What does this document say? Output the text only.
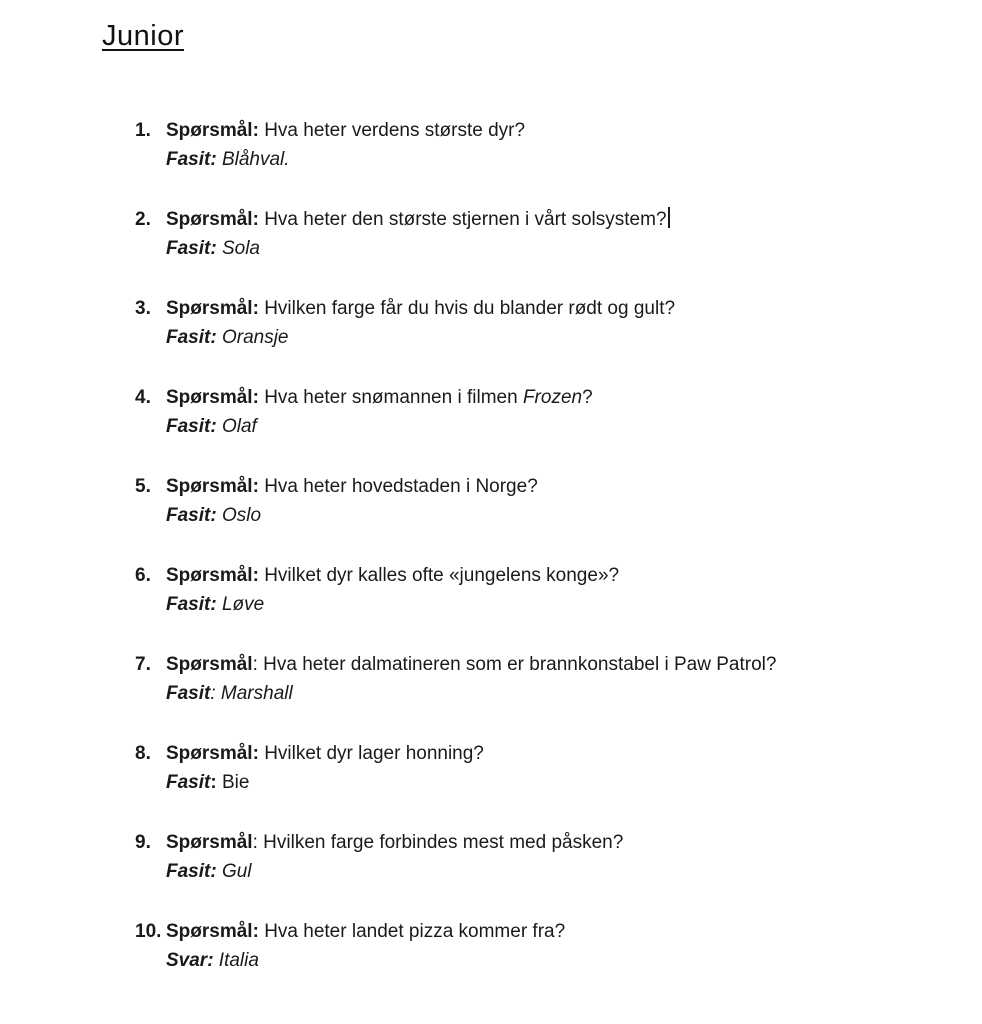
Junior
1. Spørsmål: Hva heter verdens største dyr?
Fasit: Blåhval.
2. Spørsmål: Hva heter den største stjernen i vårt solsystem?
Fasit: Sola
3. Spørsmål: Hvilken farge får du hvis du blander rødt og gult?
Fasit: Oransje
4. Spørsmål: Hva heter snømannen i filmen Frozen?
Fasit: Olaf
5. Spørsmål: Hva heter hovedstaden i Norge?
Fasit: Oslo
6. Spørsmål: Hvilket dyr kalles ofte «jungelens konge»?
Fasit: Løve
7. Spørsmål: Hva heter dalmatineren som er brannkonstabel i Paw Patrol?
Fasit: Marshall
8. Spørsmål: Hvilket dyr lager honning?
Fasit: Bie
9. Spørsmål: Hvilken farge forbindes mest med påsken?
Fasit: Gul
10. Spørsmål: Hva heter landet pizza kommer fra?
Svar: Italia
